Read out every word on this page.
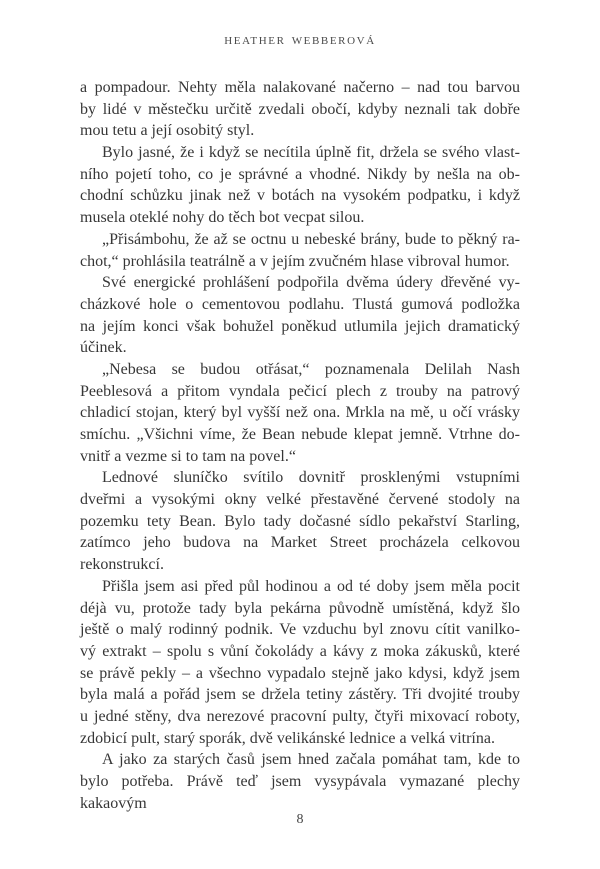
HEATHER WEBBEROVÁ
a pompadour. Nehty měla nalakované načerno – nad tou barvou
by lidé v městečku určitě zvedali obočí, kdyby neznali tak dobře
mou tetu a její osobitý styl.
Bylo jasné, že i když se necítila úplně fit, držela se svého vlast-
ního pojetí toho, co je správné a vhodné. Nikdy by nešla na ob-
chodní schůzku jinak než v botách na vysokém podpatku, i když
musela oteklé nohy do těch bot vecpat silou.
„Přisámbohu, že až se octnu u nebeské brány, bude to pěkný ra-
chot,“ prohlásila teatrálně a v jejím zvučném hlase vibroval humor.
Své energické prohlášení podpořila dvěma údery dřevěné vy-
cházkové hole o cementovou podlahu. Tlustá gumová podložka
na jejím konci však bohužel poněkud utlumila jejich dramatický
účinek.
„Nebesa se budou otřásat,“ poznamenala Delilah Nash
Peeblesová a přitom vyndala pečicí plech z trouby na patrový
chladicí stojan, který byl vyšší než ona. Mrkla na mě, u očí vrásky
smíchu. „Všichni víme, že Bean nebude klepat jemně. Vtrhne do-
vnitř a vezme si to tam na povel.“
Lednové sluníčko svítilo dovnitř prosklenými vstupními
dveřmi a vysokými okny velké přestavěné červené stodoly na
pozemku tety Bean. Bylo tady dočasné sídlo pekařství Starling,
zatímco jeho budova na Market Street procházela celkovou
rekonstrukcí.
Přišla jsem asi před půl hodinou a od té doby jsem měla pocit
déjà vu, protože tady byla pekárna původně umístěná, když šlo
ještě o malý rodinný podnik. Ve vzduchu byl znovu cítit vanilko-
vý extrakt – spolu s vůní čokolády a kávy z moka zákusků, které
se právě pekly – a všechno vypadalo stejně jako kdysi, když jsem
byla malá a pořád jsem se držela tetiny zástěry. Tři dvojité trouby
u jedné stěny, dva nerezové pracovní pulty, čtyři mixovací roboty,
zdobicí pult, starý sporák, dvě velikánské lednice a velká vitrína.
A jako za starých časů jsem hned začala pomáhat tam, kde to
bylo potřeba. Právě teď jsem vysypávala vymazané plechy kakaovým
8
